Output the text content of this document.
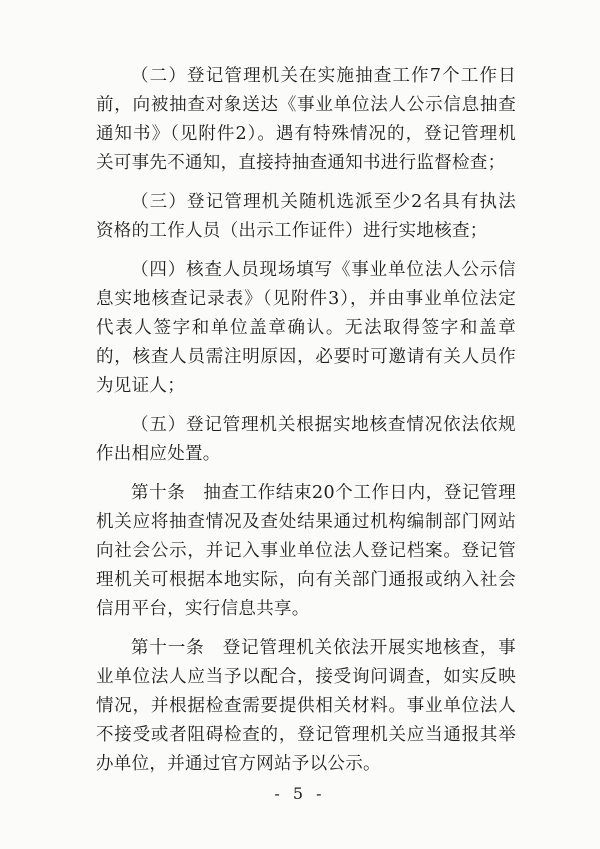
（二）登记管理机关在实施抽查工作7个工作日前，向被抽查对象送达《事业单位法人公示信息抽查通知书》（见附件2）。遇有特殊情况的，登记管理机关可事先不通知，直接持抽查通知书进行监督检查；

（三）登记管理机关随机选派至少2名具有执法资格的工作人员（出示工作证件）进行实地核查；

（四）核查人员现场填写《事业单位法人公示信息实地核查记录表》（见附件3），并由事业单位法定代表人签字和单位盖章确认。无法取得签字和盖章的，核查人员需注明原因，必要时可邀请有关人员作为见证人；

（五）登记管理机关根据实地核查情况依法依规作出相应处置。

第十条　抽查工作结束20个工作日内，登记管理机关应将抽查情况及查处结果通过机构编制部门网站向社会公示，并记入事业单位法人登记档案。登记管理机关可根据本地实际，向有关部门通报或纳入社会信用平台，实行信息共享。

第十一条　登记管理机关依法开展实地核查，事业单位法人应当予以配合，接受询问调查，如实反映情况，并根据检查需要提供相关材料。事业单位法人不接受或者阻碍检查的，登记管理机关应当通报其举办单位，并通过官方网站予以公示。

- 5 -
